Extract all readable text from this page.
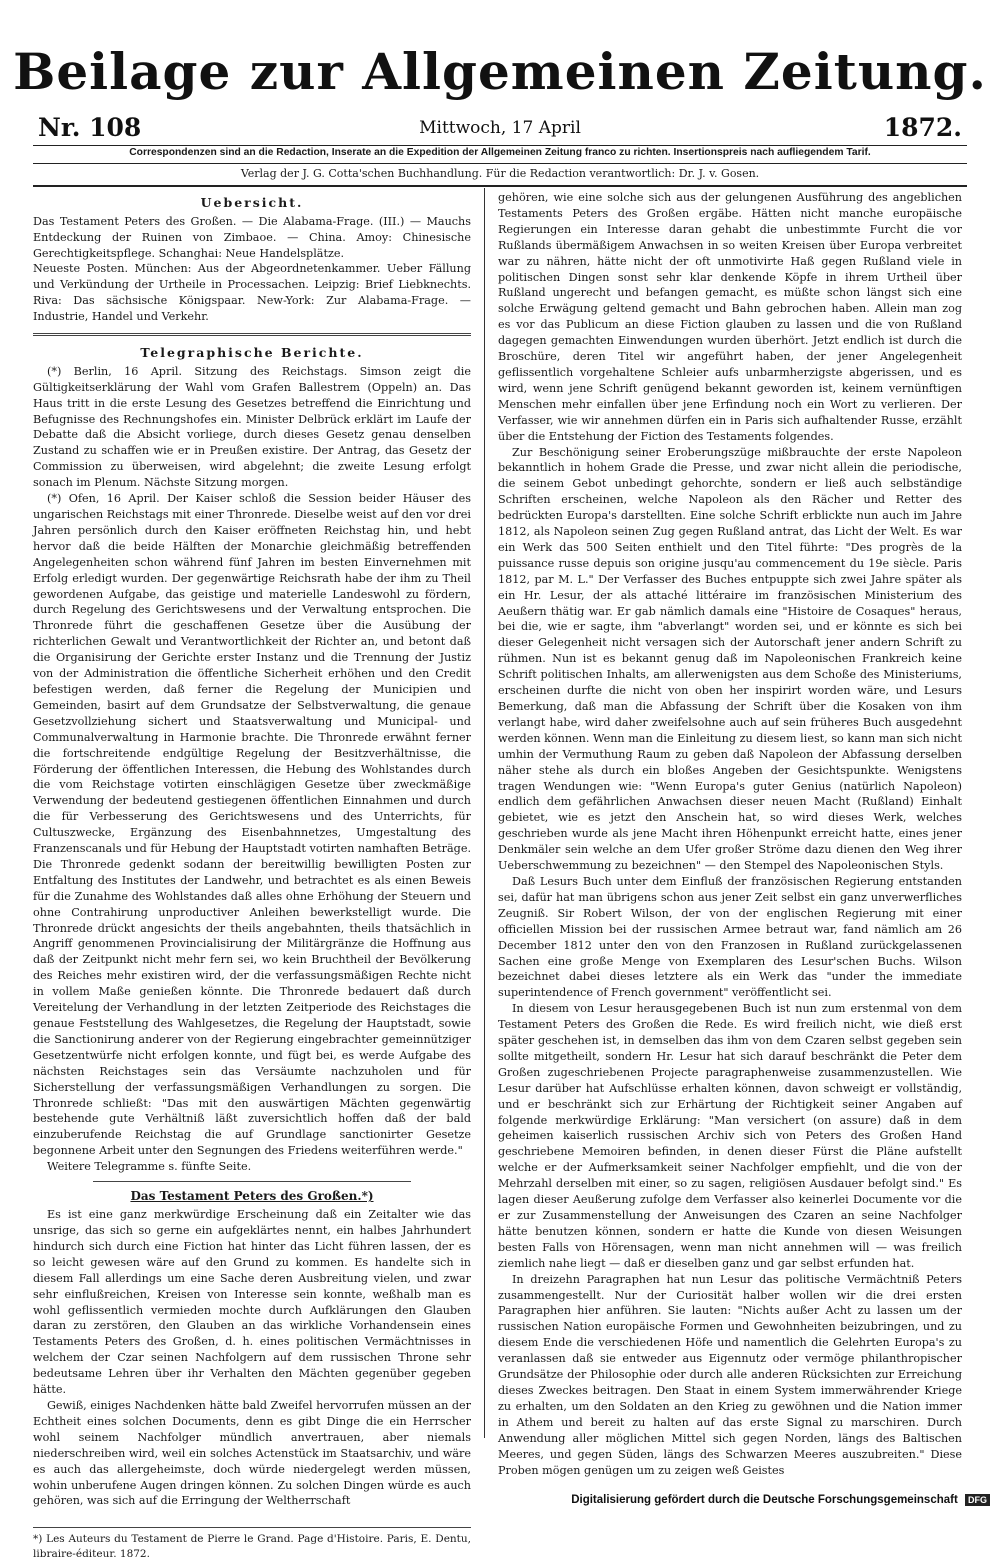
Beilage zur Allgemeinen Zeitung.
Nr. 108	Mittwoch, 17 April	1872.
Correspondenzen sind an die Redaction, Inserate an die Expedition der Allgemeinen Zeitung franco zu richten. Insertionspreis nach aufliegendem Tarif.
Verlag der J. G. Cotta'schen Buchhandlung. Für die Redaction verantwortlich: Dr. J. v. Gosen.

Uebersicht.

Das Testament Peters des Großen. — Die Alabama-Frage. (III.) — Mauchs Entdeckung der Ruinen von Zimbaoe. — China. Amoy: Chinesische Gerechtigkeitspflege. Schanghai: Neue Handelsplätze.

Neueste Posten. München: Aus der Abgeordnetenkammer. Ueber Fällung und Verkündung der Urtheile in Processachen. Leipzig: Brief Liebknechts. Riva: Das sächsische Königspaar. New-York: Zur Alabama-Frage. — Industrie, Handel und Verkehr.

Telegraphische Berichte.

(*) Berlin, 16 April. Sitzung des Reichstags. Simson zeigt die Gültigkeitserklärung der Wahl vom Grafen Ballestrem (Oppeln) an. Das Haus tritt in die erste Lesung des Gesetzes betreffend die Einrichtung und Befugnisse des Rechnungshofes ein. Minister Delbrück erklärt im Laufe der Debatte daß die Absicht vorliege, durch dieses Gesetz genau denselben Zustand zu schaffen wie er in Preußen existire. Der Antrag, das Gesetz der Commission zu überweisen, wird abgelehnt; die zweite Lesung erfolgt sonach im Plenum. Nächste Sitzung morgen.

(*) Ofen, 16 April. Der Kaiser schloß die Session beider Häuser des ungarischen Reichstags mit einer Thronrede. Dieselbe weist auf den vor drei Jahren persönlich durch den Kaiser eröffneten Reichstag hin, und hebt hervor daß die beide Hälften der Monarchie gleichmäßig betreffenden Angelegenheiten schon während fünf Jahren im besten Einvernehmen mit Erfolg erledigt wurden. Der gegenwärtige Reichsrath habe der ihm zu Theil gewordenen Aufgabe, das geistige und materielle Landeswohl zu fördern, durch Regelung des Gerichtswesens und der Verwaltung entsprochen. Die Thronrede führt die geschaffenen Gesetze über die Ausübung der richterlichen Gewalt und Verantwortlichkeit der Richter an, und betont daß die Organisirung der Gerichte erster Instanz und die Trennung der Justiz von der Administration die öffentliche Sicherheit erhöhen und den Credit befestigen werden, daß ferner die Regelung der Municipien und Gemeinden, basirt auf dem Grundsatze der Selbstverwaltung, die genaue Gesetzvollziehung sichert und Staatsverwaltung und Municipal- und Communalverwaltung in Harmonie brachte. Die Thronrede erwähnt ferner die fortschreitende endgültige Regelung der Besitzverhältnisse, die Förderung der öffentlichen Interessen, die Hebung des Wohlstandes durch die vom Reichstage votirten einschlägigen Gesetze über zweckmäßige Verwendung der bedeutend gestiegenen öffentlichen Einnahmen und durch die für Verbesserung des Gerichtswesens und des Unterrichts, für Cultuszwecke, Ergänzung des Eisenbahnnetzes, Umgestaltung des Franzenscanals und für Hebung der Hauptstadt votirten namhaften Beträge. Die Thronrede gedenkt sodann der bereitwillig bewilligten Posten zur Entfaltung des Institutes der Landwehr, und betrachtet es als einen Beweis für die Zunahme des Wohlstandes daß alles ohne Erhöhung der Steuern und ohne Contrahirung unproductiver Anleihen bewerkstelligt wurde. Die Thronrede drückt angesichts der theils angebahnten, theils thatsächlich in Angriff genommenen Provincialisirung der Militärgränze die Hoffnung aus daß der Zeitpunkt nicht mehr fern sei, wo kein Bruchtheil der Bevölkerung des Reiches mehr existiren wird, der die verfassungsmäßigen Rechte nicht in vollem Maße genießen könnte. Die Thronrede bedauert daß durch Vereitelung der Verhandlung in der letzten Zeitperiode des Reichstages die genaue Feststellung des Wahlgesetzes, die Regelung der Hauptstadt, sowie die Sanctionirung anderer von der Regierung eingebrachter gemeinnütziger Gesetzentwürfe nicht erfolgen konnte, und fügt bei, es werde Aufgabe des nächsten Reichstages sein das Versäumte nachzuholen und für Sicherstellung der verfassungsmäßigen Verhandlungen zu sorgen. Die Thronrede schließt: "Das mit den auswärtigen Mächten gegenwärtig bestehende gute Verhältniß läßt zuversichtlich hoffen daß der bald einzuberufende Reichstag die auf Grundlage sanctionirter Gesetze begonnene Arbeit unter den Segnungen des Friedens weiterführen werde."

Weitere Telegramme s. fünfte Seite.

Das Testament Peters des Großen.*)

Es ist eine ganz merkwürdige Erscheinung daß ein Zeitalter wie das unsrige, das sich so gerne ein aufgeklärtes nennt, ein halbes Jahrhundert hindurch sich durch eine Fiction hat hinter das Licht führen lassen, der es so leicht gewesen wäre auf den Grund zu kommen. Es handelte sich in diesem Fall allerdings um eine Sache deren Ausbreitung vielen, und zwar sehr einflußreichen, Kreisen von Interesse sein konnte, weßhalb man es wohl geflissentlich vermieden mochte durch Aufklärungen den Glauben daran zu zerstören, den Glauben an das wirkliche Vorhandensein eines Testaments Peters des Großen, d. h. eines politischen Vermächtnisses in welchem der Czar seinen Nachfolgern auf dem russischen Throne sehr bedeutsame Lehren über ihr Verhalten den Mächten gegenüber gegeben hätte.

Gewiß, einiges Nachdenken hätte bald Zweifel hervorrufen müssen an der Echtheit eines solchen Documents, denn es gibt Dinge die ein Herrscher wohl seinem Nachfolger mündlich anvertrauen, aber niemals niederschreiben wird, weil ein solches Actenstück im Staatsarchiv, und wäre es auch das allergeheimste, doch würde niedergelegt werden müssen, wohin unberufene Augen dringen können. Zu solchen Dingen würde es auch gehören, was sich auf die Erringung der Weltherrschaft

*) Les Auteurs du Testament de Pierre le Grand. Page d'Histoire. Paris, E. Dentu, libraire-éditeur. 1872.

gehören, wie eine solche sich aus der gelungenen Ausführung des angeblichen Testaments Peters des Großen ergäbe. Hätten nicht manche europäische Regierungen ein Interesse daran gehabt die unbestimmte Furcht die vor Rußlands übermäßigem Anwachsen in so weiten Kreisen über Europa verbreitet war zu nähren, hätte nicht der oft unmotivirte Haß gegen Rußland viele in politischen Dingen sonst sehr klar denkende Köpfe in ihrem Urtheil über Rußland ungerecht und befangen gemacht, es müßte schon längst sich eine solche Erwägung geltend gemacht und Bahn gebrochen haben. Allein man zog es vor das Publicum an diese Fiction glauben zu lassen und die von Rußland dagegen gemachten Einwendungen wurden überhört. Jetzt endlich ist durch die Broschüre, deren Titel wir angeführt haben, der jener Angelegenheit geflissentlich vorgehaltene Schleier aufs unbarmherzigste abgerissen, und es wird, wenn jene Schrift genügend bekannt geworden ist, keinem vernünftigen Menschen mehr einfallen über jene Erfindung noch ein Wort zu verlieren. Der Verfasser, wie wir annehmen dürfen ein in Paris sich aufhaltender Russe, erzählt über die Entstehung der Fiction des Testaments folgendes.

Zur Beschönigung seiner Eroberungszüge mißbrauchte der erste Napoleon bekanntlich in hohem Grade die Presse, und zwar nicht allein die periodische, die seinem Gebot unbedingt gehorchte, sondern er ließ auch selbständige Schriften erscheinen, welche Napoleon als den Rächer und Retter des bedrückten Europa's darstellten. Eine solche Schrift erblickte nun auch im Jahre 1812, als Napoleon seinen Zug gegen Rußland antrat, das Licht der Welt. Es war ein Werk das 500 Seiten enthielt und den Titel führte: "Des progrès de la puissance russe depuis son origine jusqu'au commencement du 19e siècle. Paris 1812, par M. L." Der Verfasser des Buches entpuppte sich zwei Jahre später als ein Hr. Lesur, der als attaché littéraire im französischen Ministerium des Aeußern thätig war. Er gab nämlich damals eine "Histoire de Cosaques" heraus, bei die, wie er sagte, ihm "abverlangt" worden sei, und er könnte es sich bei dieser Gelegenheit nicht versagen sich der Autorschaft jener andern Schrift zu rühmen. Nun ist es bekannt genug daß im Napoleonischen Frankreich keine Schrift politischen Inhalts, am allerwenigsten aus dem Schoße des Ministeriums, erscheinen durfte die nicht von oben her inspirirt worden wäre, und Lesurs Bemerkung, daß man die Abfassung der Schrift über die Kosaken von ihm verlangt habe, wird daher zweifelsohne auch auf sein früheres Buch ausgedehnt werden können. Wenn man die Einleitung zu diesem liest, so kann man sich nicht umhin der Vermuthung Raum zu geben daß Napoleon der Abfassung derselben näher stehe als durch ein bloßes Angeben der Gesichtspunkte. Wenigstens tragen Wendungen wie: "Wenn Europa's guter Genius (natürlich Napoleon) endlich dem gefährlichen Anwachsen dieser neuen Macht (Rußland) Einhalt gebietet, wie es jetzt den Anschein hat, so wird dieses Werk, welches geschrieben wurde als jene Macht ihren Höhenpunkt erreicht hatte, eines jener Denkmäler sein welche an dem Ufer großer Ströme dazu dienen den Weg ihrer Ueberschwemmung zu bezeichnen" — den Stempel des Napoleonischen Styls.

Daß Lesurs Buch unter dem Einfluß der französischen Regierung entstanden sei, dafür hat man übrigens schon aus jener Zeit selbst ein ganz unverwerfliches Zeugniß. Sir Robert Wilson, der von der englischen Regierung mit einer officiellen Mission bei der russischen Armee betraut war, fand nämlich am 26 December 1812 unter den von den Franzosen in Rußland zurückgelassenen Sachen eine große Menge von Exemplaren des Lesur'schen Buchs. Wilson bezeichnet dabei dieses letztere als ein Werk das "under the immediate superintendence of French government" veröffentlicht sei.

In diesem von Lesur herausgegebenen Buch ist nun zum erstenmal von dem Testament Peters des Großen die Rede. Es wird freilich nicht, wie dieß erst später geschehen ist, in demselben das ihm von dem Czaren selbst gegeben sein sollte mitgetheilt, sondern Hr. Lesur hat sich darauf beschränkt die Peter dem Großen zugeschriebenen Projecte paragraphenweise zusammenzustellen. Wie Lesur darüber hat Aufschlüsse erhalten können, davon schweigt er vollständig, und er beschränkt sich zur Erhärtung der Richtigkeit seiner Angaben auf folgende merkwürdige Erklärung: "Man versichert (on assure) daß in dem geheimen kaiserlich russischen Archiv sich von Peters des Großen Hand geschriebene Memoiren befinden, in denen dieser Fürst die Pläne aufstellt welche er der Aufmerksamkeit seiner Nachfolger empfiehlt, und die von der Mehrzahl derselben mit einer, so zu sagen, religiösen Ausdauer befolgt sind." Es lagen dieser Aeußerung zufolge dem Verfasser also keinerlei Documente vor die er zur Zusammenstellung der Anweisungen des Czaren an seine Nachfolger hätte benutzen können, sondern er hatte die Kunde von diesen Weisungen besten Falls von Hörensagen, wenn man nicht annehmen will — was freilich ziemlich nahe liegt — daß er dieselben ganz und gar selbst erfunden hat.

In dreizehn Paragraphen hat nun Lesur das politische Vermächtniß Peters zusammengestellt. Nur der Curiosität halber wollen wir die drei ersten Paragraphen hier anführen. Sie lauten: "Nichts außer Acht zu lassen um der russischen Nation europäische Formen und Gewohnheiten beizubringen, und zu diesem Ende die verschiedenen Höfe und namentlich die Gelehrten Europa's zu veranlassen daß sie entweder aus Eigennutz oder vermöge philanthropischer Grundsätze der Philosophie oder durch alle anderen Rücksichten zur Erreichung dieses Zweckes beitragen. Den Staat in einem System immerwährender Kriege zu erhalten, um den Soldaten an den Krieg zu gewöhnen und die Nation immer in Athem und bereit zu halten auf das erste Signal zu marschiren. Durch Anwendung aller möglichen Mittel sich gegen Norden, längs des Baltischen Meeres, und gegen Süden, längs des Schwarzen Meeres auszubreiten." Diese Proben mögen genügen um zu zeigen weß Geistes

Digitalisierung gefördert durch die Deutsche Forschungsgemeinschaft DFG
